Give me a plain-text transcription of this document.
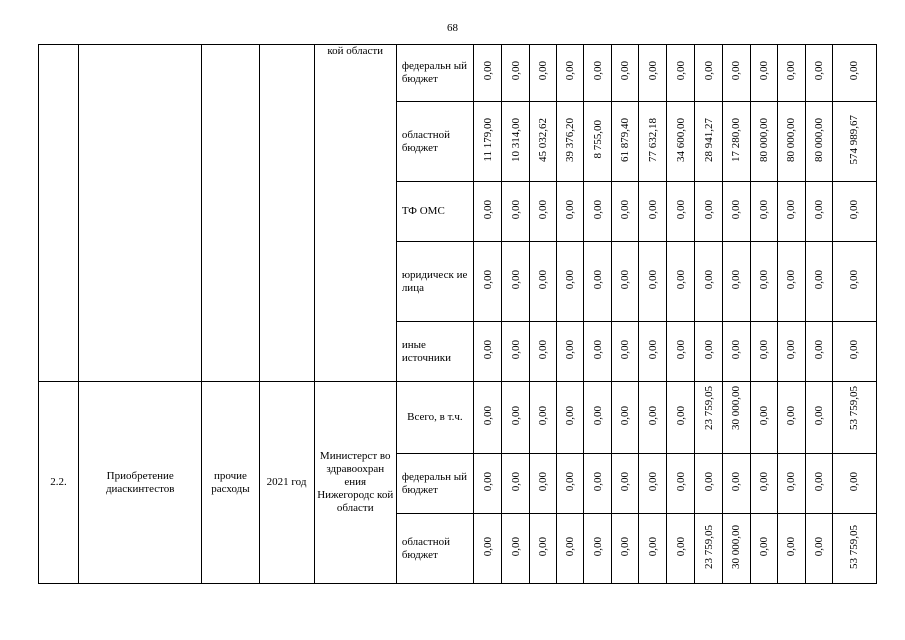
68
				кой области	федеральн ый бюджет	0,00	0,00	0,00	0,00	0,00	0,00	0,00	0,00	0,00	0,00	0,00	0,00	0,00	0,00
					областной бюджет	11 179,00	10 314,00	45 032,62	39 376,20	8 755,00	61 879,40	77 632,18	34 600,00	28 941,27	17 280,00	80 000,00	80 000,00	80 000,00	574 989,67
					ТФ ОМС	0,00	0,00	0,00	0,00	0,00	0,00	0,00	0,00	0,00	0,00	0,00	0,00	0,00	0,00
					юридическ ие лица	0,00	0,00	0,00	0,00	0,00	0,00	0,00	0,00	0,00	0,00	0,00	0,00	0,00	0,00
					иные источники	0,00	0,00	0,00	0,00	0,00	0,00	0,00	0,00	0,00	0,00	0,00	0,00	0,00	0,00
2.2.	Приобретение диаскинтестов	прочие расходы	2021 год	Министерст во здравоохран ения Нижегородс кой области	Всего, в т.ч.	0,00	0,00	0,00	0,00	0,00	0,00	0,00	0,00	23 759,05	30 000,00	0,00	0,00	0,00	53 759,05
					федеральн ый бюджет	0,00	0,00	0,00	0,00	0,00	0,00	0,00	0,00	0,00	0,00	0,00	0,00	0,00	0,00
					областной бюджет	0,00	0,00	0,00	0,00	0,00	0,00	0,00	0,00	23 759,05	30 000,00	0,00	0,00	0,00	53 759,05
